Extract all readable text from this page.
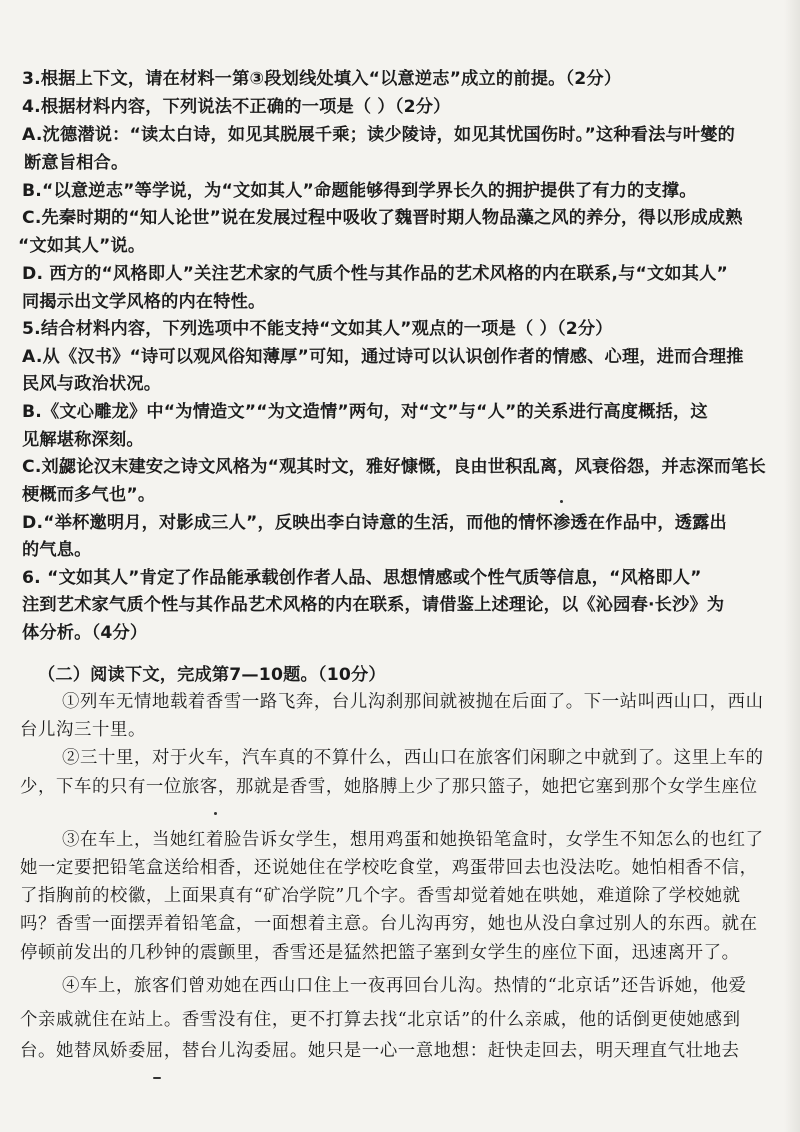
3.根据上下文，请在材料一第③段划线处填入“以意逆志”成立的前提。（2分）
4.根据材料内容，下列说法不正确的一项是（ ）（2分）
A.沈德潜说：“读太白诗，如见其脱展千乘；读少陵诗，如见其忧国伤时。”这种看法与叶燮的
断意旨相合。
B.“以意逆志”等学说，为“文如其人”命题能够得到学界长久的拥护提供了有力的支撑。
C.先秦时期的“知人论世”说在发展过程中吸收了魏晋时期人物品藻之风的养分，得以形成成熟
“文如其人”说。
D. 西方的“风格即人”关注艺术家的气质个性与其作品的艺术风格的内在联系,与“文如其人”
同揭示出文学风格的内在特性。
5.结合材料内容，下列选项中不能支持“文如其人”观点的一项是（ ）（2分）
A.从《汉书》“诗可以观风俗知薄厚”可知，通过诗可以认识创作者的情感、心理，进而合理推
民风与政治状况。
B.《文心雕龙》中“为情造文”“为文造情”两句，对“文”与“人”的关系进行高度概括，这
见解堪称深刻。
C.刘勰论汉末建安之诗文风格为“观其时文，雅好慷慨，良由世积乱离，风衰俗怨，并志深而笔长
梗概而多气也”。
D.“举杯邀明月，对影成三人”，反映出李白诗意的生活，而他的情怀渗透在作品中，透露出
的气息。
6. “文如其人”肯定了作品能承载创作者人品、思想情感或个性气质等信息，“风格即人”
注到艺术家气质个性与其作品艺术风格的内在联系，请借鉴上述理论，以《沁园春·长沙》为
体分析。（4分）
（二）阅读下文，完成第7—10题。（10分）
①列车无情地载着香雪一路飞奔，台儿沟刹那间就被抛在后面了。下一站叫西山口，西山
台儿沟三十里。
②三十里，对于火车，汽车真的不算什么，西山口在旅客们闲聊之中就到了。这里上车的
少，下车的只有一位旅客，那就是香雪，她胳膊上少了那只篮子，她把它塞到那个女学生座位
③在车上，当她红着脸告诉女学生，想用鸡蛋和她换铅笔盒时，女学生不知怎么的也红了
她一定要把铅笔盒送给相香，还说她住在学校吃食堂，鸡蛋带回去也没法吃。她怕相香不信，
了指胸前的校徽，上面果真有“矿冶学院”几个字。香雪却觉着她在哄她，难道除了学校她就
吗？香雪一面摆弄着铅笔盒，一面想着主意。台儿沟再穷，她也从没白拿过别人的东西。就在
停顿前发出的几秒钟的震颤里，香雪还是猛然把篮子塞到女学生的座位下面，迅速离开了。
④车上，旅客们曾劝她在西山口住上一夜再回台儿沟。热情的“北京话”还告诉她，他爱
个亲戚就住在站上。香雪没有住，更不打算去找“北京话”的什么亲戚，他的话倒更使她感到
台。她替凤娇委屈，替台儿沟委屈。她只是一心一意地想：赶快走回去，明天理直气壮地去
